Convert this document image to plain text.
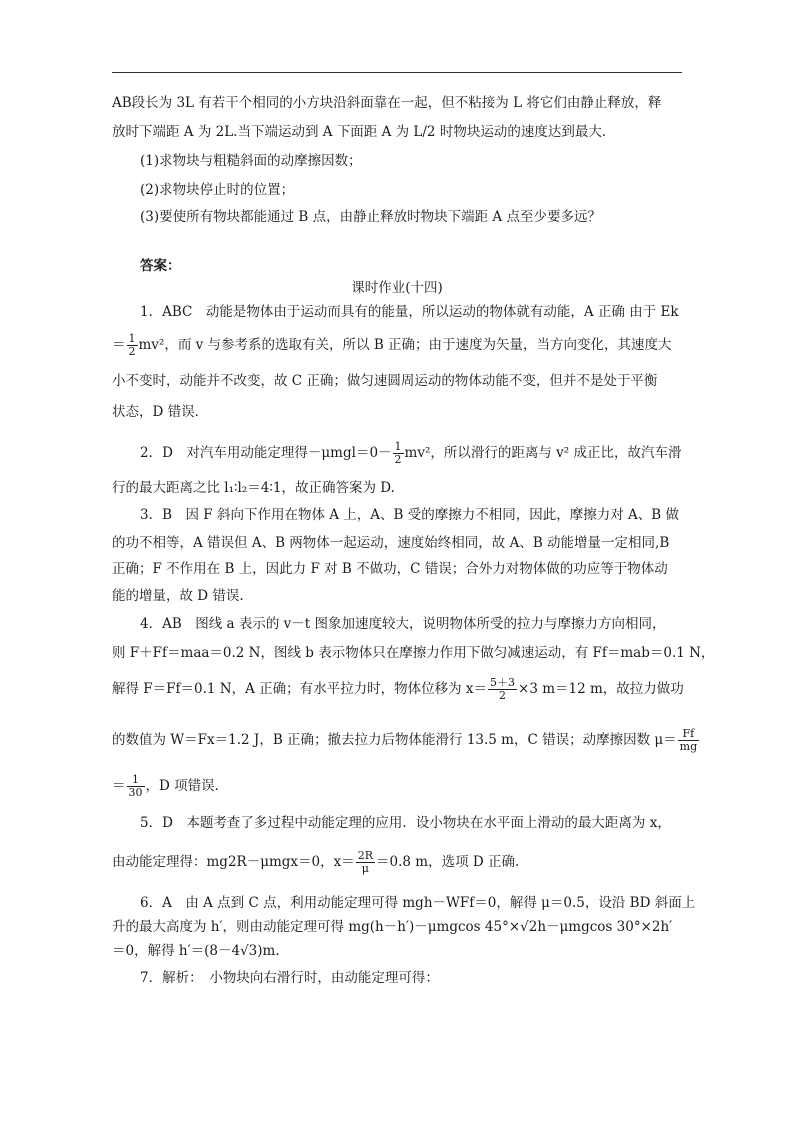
AB段长为 3L 有若干个相同的小方块沿斜面靠在一起，但不粘接为 L 将它们由静止释放，释
放时下端距 A 为 2L.当下端运动到 A 下面距 A 为 L/2 时物块运动的速度达到最大．
(1)求物块与粗糙斜面的动摩擦因数；
(2)求物块停止时的位置；
(3)要使所有物块都能通过 B 点，由静止释放时物块下端距 A 点至少要多远？
答案：
课时作业(十四)
1．ABC　动能是物体由于运动而具有的能量，所以运动的物体就有动能，A 正确 由于 Ek
＝ $\frac{1}{2} mv^2$，而 v 与参考系的选取有关，所以 B 正确；由于速度为矢量，当方向变化，其速度大
小不变时，动能并不改变，故 C 正确；做匀速圆周运动的物体动能不变，但并不是处于平衡
状态，D 错误．
2．D　对汽车用动能定理得$-\mu mgl=0- \frac{1}{2} mv^2$，所以滑行的距离与 v² 成正比，故汽车滑
行的最大距离之比 l₁∶l₂＝4∶1，故正确答案为 D.
3．B　因 F 斜向下作用在物体 A 上，A、B 受的摩擦力不相同，因此，摩擦力对 A、B 做
的功不相等，A 错误但 A、B 两物体一起运动，速度始终相同，故 A、B 动能增量一定相同,B
正确；F 不作用在 B 上，因此力 F 对 B 不做功，C 错误；合外力对物体做的功应等于物体动
能的增量，故 D 错误.
4．AB　图线 a 表示的 v－t 图象加速度较大，说明物体所受的拉力与摩擦力方向相同，
则 F＋Ff＝maa＝0.2 N，图线 b 表示物体只在摩擦力作用下做匀减速运动，有 Ff＝mab＝0.1 N，
解得 F＝Ff＝0.1 N，A 正确；有水平拉力时，物体位移为 $x= \frac{5+3}{2} \times 3$ m＝12 m，故拉力做功
的数值为 W＝Fx＝1.2 J，B 正确；撤去拉力后物体能滑行 13.5 m，C 错误；动摩擦因数 $\mu= \frac{Ff}{mg}$
＝ $\frac{1}{30}$ ，D 项错误．
5．D　本题考查了多过程中动能定理的应用．设小物块在水平面上滑动的最大距离为 x，
由动能定理得：mg2R－μmgx＝0，$x= \frac{2R}{\mu} =0.8$ m，选项 D 正确.
6．A　由 A 点到 C 点，利用动能定理可得 mgh－WFf＝0，解得 μ＝0.5，设沿 BD 斜面上
升的最大高度为 h′，则由动能定理可得 mg(h－h′)－μmgcos 45°×√2h－μmgcos 30°×2h′
＝0，解得 h′＝(8－4√3)m.
7．解析：　小物块向右滑行时，由动能定理可得：
